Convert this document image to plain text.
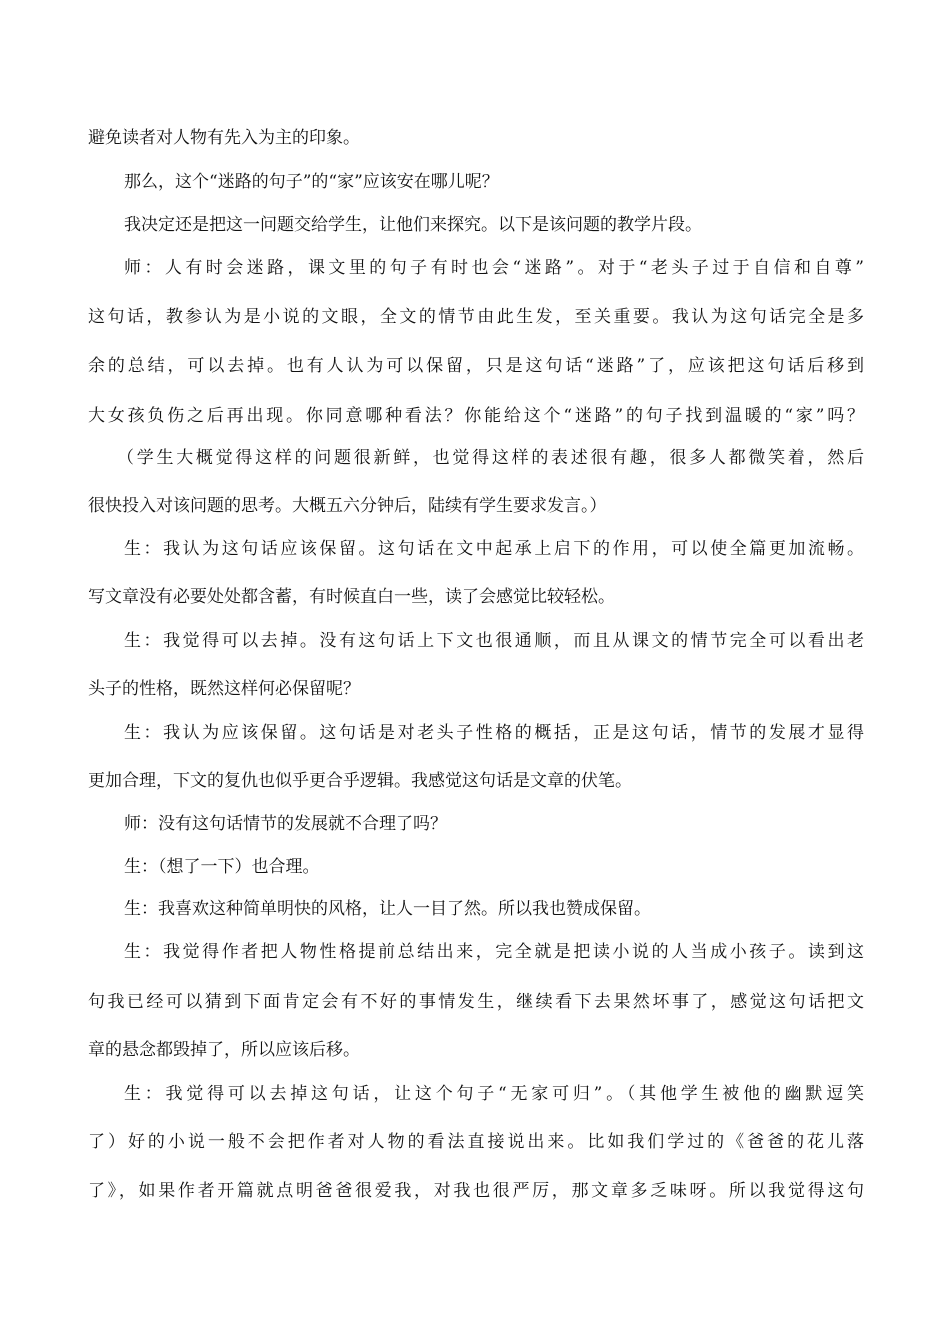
避免读者对人物有先入为主的印象。
那么，这个“迷路的句子”的“家”应该安在哪儿呢？
我决定还是把这一问题交给学生，让他们来探究。以下是该问题的教学片段。
师：人有时会迷路，课文里的句子有时也会“迷路”。对于“老头子过于自信和自尊”
这句话，教参认为是小说的文眼，全文的情节由此生发，至关重要。我认为这句话完全是多
余的总结，可以去掉。也有人认为可以保留，只是这句话“迷路”了，应该把这句话后移到
大女孩负伤之后再出现。你同意哪种看法？你能给这个“迷路”的句子找到温暖的“家”吗？
（学生大概觉得这样的问题很新鲜，也觉得这样的表述很有趣，很多人都微笑着，然后
很快投入对该问题的思考。大概五六分钟后，陆续有学生要求发言。）
生：我认为这句话应该保留。这句话在文中起承上启下的作用，可以使全篇更加流畅。
写文章没有必要处处都含蓄，有时候直白一些，读了会感觉比较轻松。
生：我觉得可以去掉。没有这句话上下文也很通顺，而且从课文的情节完全可以看出老
头子的性格，既然这样何必保留呢？
生：我认为应该保留。这句话是对老头子性格的概括，正是这句话，情节的发展才显得
更加合理，下文的复仇也似乎更合乎逻辑。我感觉这句话是文章的伏笔。
师：没有这句话情节的发展就不合理了吗？
生：（想了一下）也合理。
生：我喜欢这种简单明快的风格，让人一目了然。所以我也赞成保留。
生：我觉得作者把人物性格提前总结出来，完全就是把读小说的人当成小孩子。读到这
句我已经可以猜到下面肯定会有不好的事情发生，继续看下去果然坏事了，感觉这句话把文
章的悬念都毁掉了，所以应该后移。
生：我觉得可以去掉这句话，让这个句子“无家可归”。（其他学生被他的幽默逗笑
了）好的小说一般不会把作者对人物的看法直接说出来。比如我们学过的《爸爸的花儿落
了》，如果作者开篇就点明爸爸很爱我，对我也很严厉，那文章多乏味呀。所以我觉得这句
